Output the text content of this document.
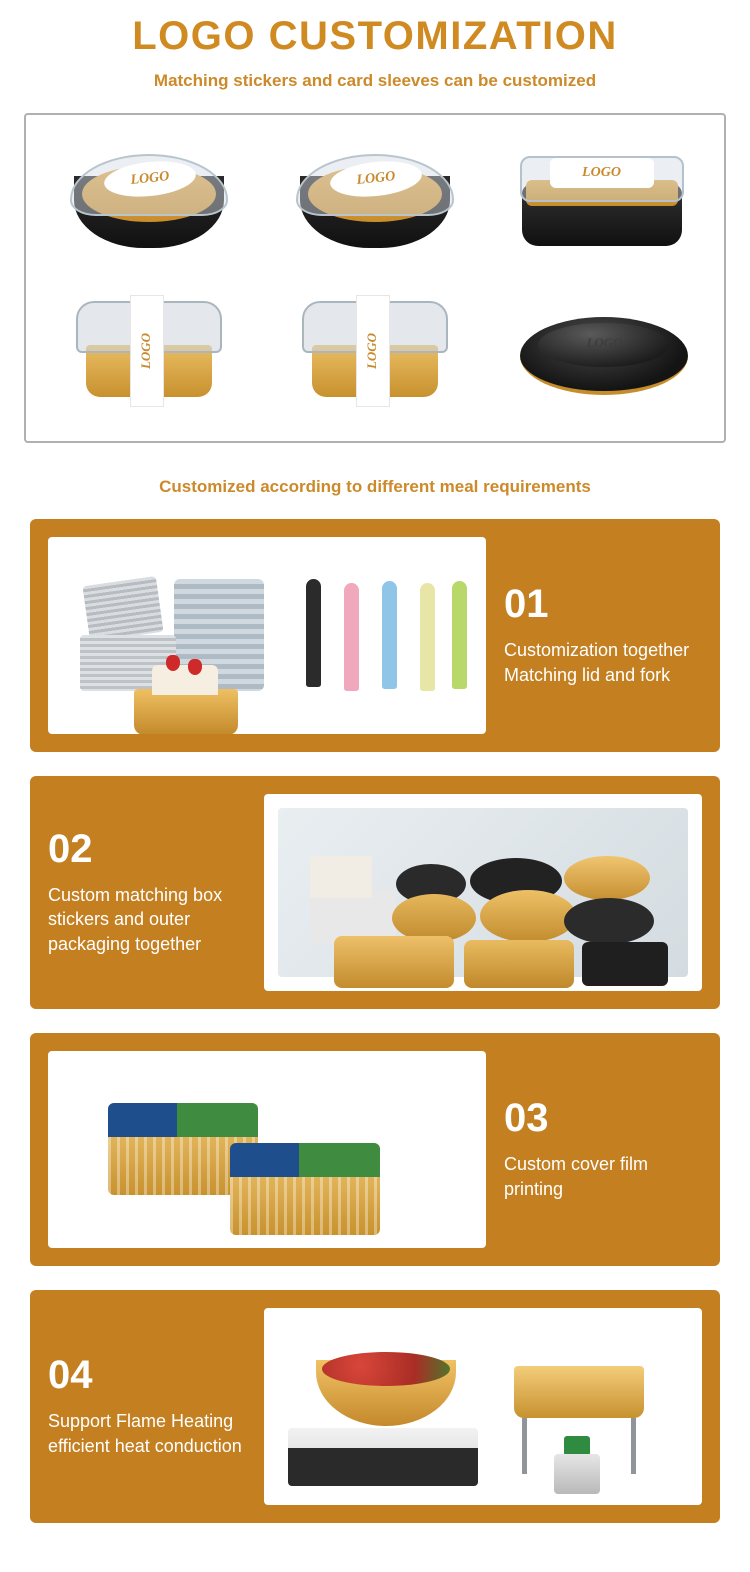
LOGO CUSTOMIZATION
Matching stickers and card sleeves can be customized
LOGO	LOGO	LOGO
LOGO	LOGO	LOGO
Customized according to different meal requirements
01
Customization together Matching lid and fork
02
Custom matching box stickers and outer packaging together
03
Custom cover film printing
04
Support Flame Heating efficient heat conduction
